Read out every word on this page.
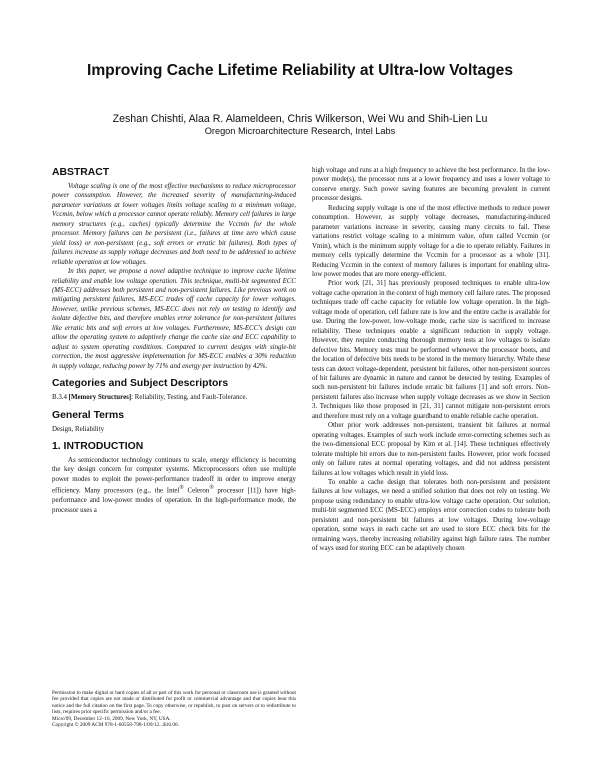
Improving Cache Lifetime Reliability at Ultra-low Voltages
Zeshan Chishti, Alaa R. Alameldeen, Chris Wilkerson, Wei Wu and Shih-Lien Lu
Oregon Microarchitecture Research, Intel Labs
ABSTRACT

Voltage scaling is one of the most effective mechanisms to reduce microprocessor power consumption. However, the increased severity of manufacturing-induced parameter variations at lower voltages limits voltage scaling to a minimum voltage, Vccmin, below which a processor cannot operate reliably. Memory cell failures in large memory structures (e.g., caches) typically determine the Vccmin for the whole processor. Memory failures can be persistent (i.e., failures at time zero which cause yield loss) or non-persistent (e.g., soft errors or erratic bit failures). Both types of failures increase as supply voltage decreases and both need to be addressed to achieve reliable operation at low voltages.

In this paper, we propose a novel adaptive technique to improve cache lifetime reliability and enable low voltage operation. This technique, multi-bit segmented ECC (MS-ECC) addresses both persistent and non-persistent failures. Like previous work on mitigating persistent failures, MS-ECC trades off cache capacity for lower voltages. However, unlike previous schemes, MS-ECC does not rely on testing to identify and isolate defective bits, and therefore enables error tolerance for non-persistent failures like erratic bits and soft errors at low voltages. Furthermore, MS-ECC's design can allow the operating system to adaptively change the cache size and ECC capability to adjust to system operating conditions. Compared to current designs with single-bit correction, the most aggressive implementation for MS-ECC enables a 30% reduction in supply voltage, reducing power by 71% and energy per instruction by 42%.

Categories and Subject Descriptors

B.3.4 [Memory Structures]: Reliability, Testing, and Fault-Tolerance.

General Terms

Design, Reliability

1. INTRODUCTION

As semiconductor technology continues to scale, energy efficiency is becoming the key design concern for computer systems. Microprocessors often use multiple power modes to exploit the power-performance tradeoff in order to improve energy efficiency. Many processors (e.g., the Intel® Celeron® processor [11]) have high-performance and low-power modes of operation. In the high-performance mode, the processor uses a

Permission to make digital or hard copies of all or part of this work for personal or classroom use is granted without fee provided that copies are not made or distributed for profit or commercial advantage and that copies bear this notice and the full citation on the first page. To copy otherwise, or republish, to post on servers or to redistribute to lists, requires prior specific permission and/or a fee.
Micro'09, December 12–16, 2009, New York, NY, USA.
Copyright © 2009 ACM 978-1-60558-798-1/09/12...$10.00.

high voltage and runs at a high frequency to achieve the best performance. In the low-power mode(s), the processor runs at a lower frequency and uses a lower voltage to conserve energy. Such power saving features are becoming prevalent in current processor designs.

Reducing supply voltage is one of the most effective methods to reduce power consumption. However, as supply voltage decreases, manufacturing-induced parameter variations increase in severity, causing many circuits to fail. These variations restrict voltage scaling to a minimum value, often called Vccmin (or Vmin), which is the minimum supply voltage for a die to operate reliably. Failures in memory cells typically determine the Vccmin for a processor as a whole [31]. Reducing Vccmin in the context of memory failures is important for enabling ultra-low power modes that are more energy-efficient.

Prior work [21, 31] has previously proposed techniques to enable ultra-low voltage cache operation in the context of high memory cell failure rates. The proposed techniques trade off cache capacity for reliable low voltage operation. In the high-voltage mode of operation, cell failure rate is low and the entire cache is available for use. During the low-power, low-voltage mode, cache size is sacrificed to increase reliability. These techniques enable a significant reduction in supply voltage. However, they require conducting thorough memory tests at low voltages to isolate defective bits. Memory tests must be performed whenever the processor boots, and the location of defective bits needs to be stored in the memory hierarchy. While these tests can detect voltage-dependent, persistent bit failures, other non-persistent sources of bit failures are dynamic in nature and cannot be detected by testing. Examples of such non-persistent bit failures include erratic bit failures [1] and soft errors. Non-persistent failures also increase when supply voltage decreases as we show in Section 3. Techniques like those proposed in [21, 31] cannot mitigate non-persistent errors and therefore must rely on a voltage guardband to enable reliable cache operation.

Other prior work addresses non-persistent, transient bit failures at normal operating voltages. Examples of such work include error-correcting schemes such as the two-dimensional ECC proposal by Kim et al. [14]. These techniques effectively tolerate multiple bit errors due to non-persistent faults. However, prior work focused only on failure rates at normal operating voltages, and did not address persistent failures at low voltages which result in yield loss.

To enable a cache design that tolerates both non-persistent and persistent failures at low voltages, we need a unified solution that does not rely on testing. We propose using redundancy to enable ultra-low voltage cache operation. Our solution, multi-bit segmented ECC (MS-ECC) employs error correction codes to tolerate both persistent and non-persistent bit failures at low voltages. During low-voltage operation, some ways in each cache set are used to store ECC check bits for the remaining ways, thereby increasing reliability against high failure rates. The number of ways used for storing ECC can be adaptively chosen
